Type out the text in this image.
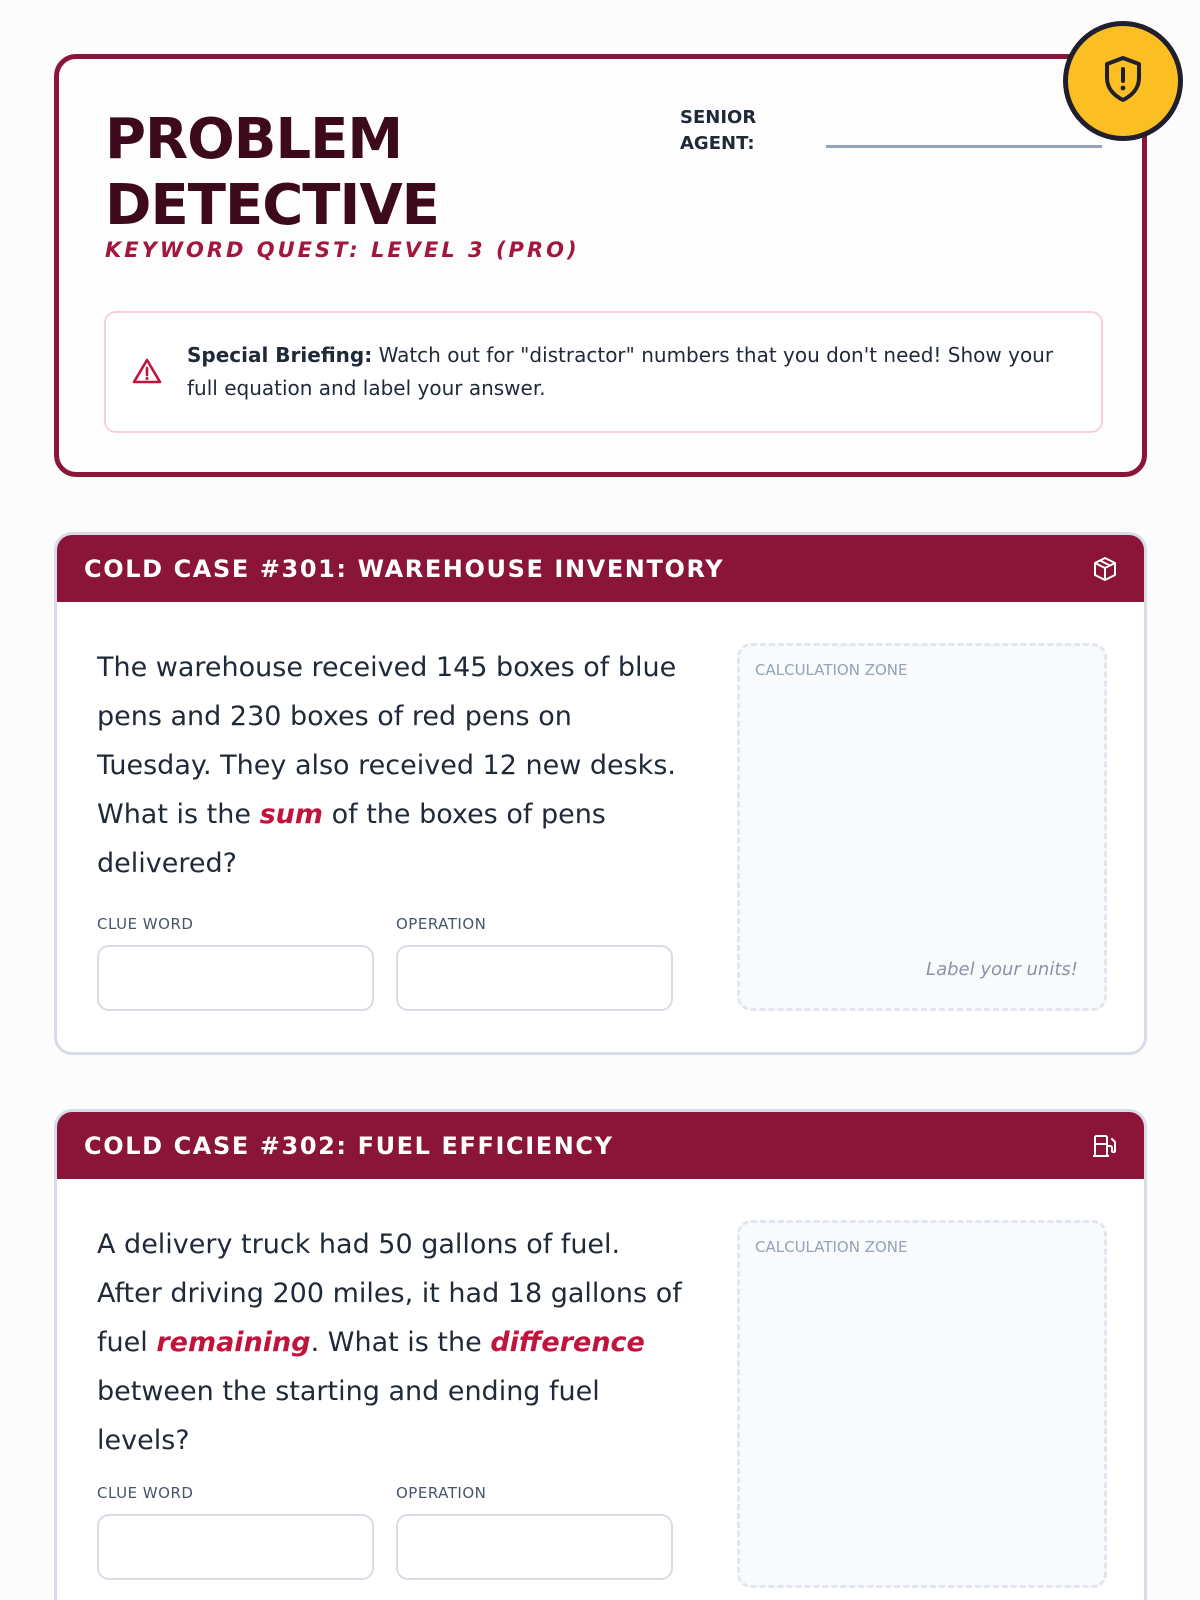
PROBLEM
DETECTIVE
KEYWORD QUEST: LEVEL 3 (PRO)
SENIOR AGENT:
Special Briefing: Watch out for "distractor" numbers that you don't need! Show your full equation and label your answer.
COLD CASE #301: WAREHOUSE INVENTORY
The warehouse received 145 boxes of blue pens and 230 boxes of red pens on Tuesday. They also received 12 new desks. What is the sum of the boxes of pens delivered?
CLUE WORD	OPERATION
CALCULATION ZONE
Label your units!
COLD CASE #302: FUEL EFFICIENCY
A delivery truck had 50 gallons of fuel. After driving 200 miles, it had 18 gallons of fuel remaining. What is the difference between the starting and ending fuel levels?
CLUE WORD	OPERATION
CALCULATION ZONE
